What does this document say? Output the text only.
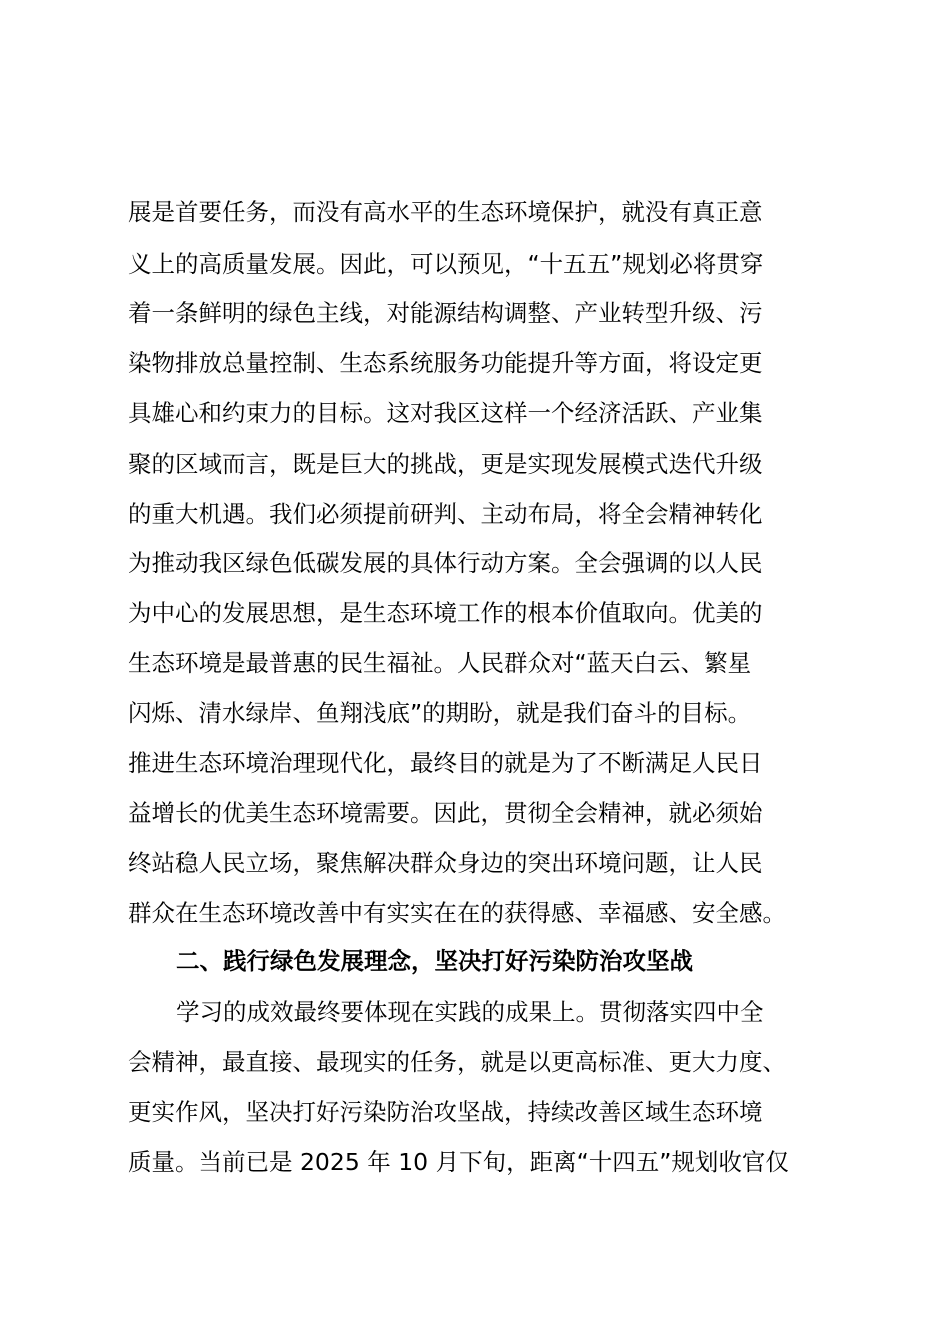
展是首要任务，而没有高水平的生态环境保护，就没有真正意
义上的高质量发展。因此，可以预见，“十五五”规划必将贯穿
着一条鲜明的绿色主线，对能源结构调整、产业转型升级、污
染物排放总量控制、生态系统服务功能提升等方面，将设定更
具雄心和约束力的目标。这对我区这样一个经济活跃、产业集
聚的区域而言，既是巨大的挑战，更是实现发展模式迭代升级
的重大机遇。我们必须提前研判、主动布局，将全会精神转化
为推动我区绿色低碳发展的具体行动方案。全会强调的以人民
为中心的发展思想，是生态环境工作的根本价值取向。优美的
生态环境是最普惠的民生福祉。人民群众对“蓝天白云、繁星
闪烁、清水绿岸、鱼翔浅底”的期盼，就是我们奋斗的目标。
推进生态环境治理现代化，最终目的就是为了不断满足人民日
益增长的优美生态环境需要。因此，贯彻全会精神，就必须始
终站稳人民立场，聚焦解决群众身边的突出环境问题，让人民
群众在生态环境改善中有实实在在的获得感、幸福感、安全感。
二、践行绿色发展理念，坚决打好污染防治攻坚战
学习的成效最终要体现在实践的成果上。贯彻落实四中全
会精神，最直接、最现实的任务，就是以更高标准、更大力度、
更实作风，坚决打好污染防治攻坚战，持续改善区域生态环境
质量。当前已是 2025 年 10 月下旬，距离“十四五”规划收官仅
